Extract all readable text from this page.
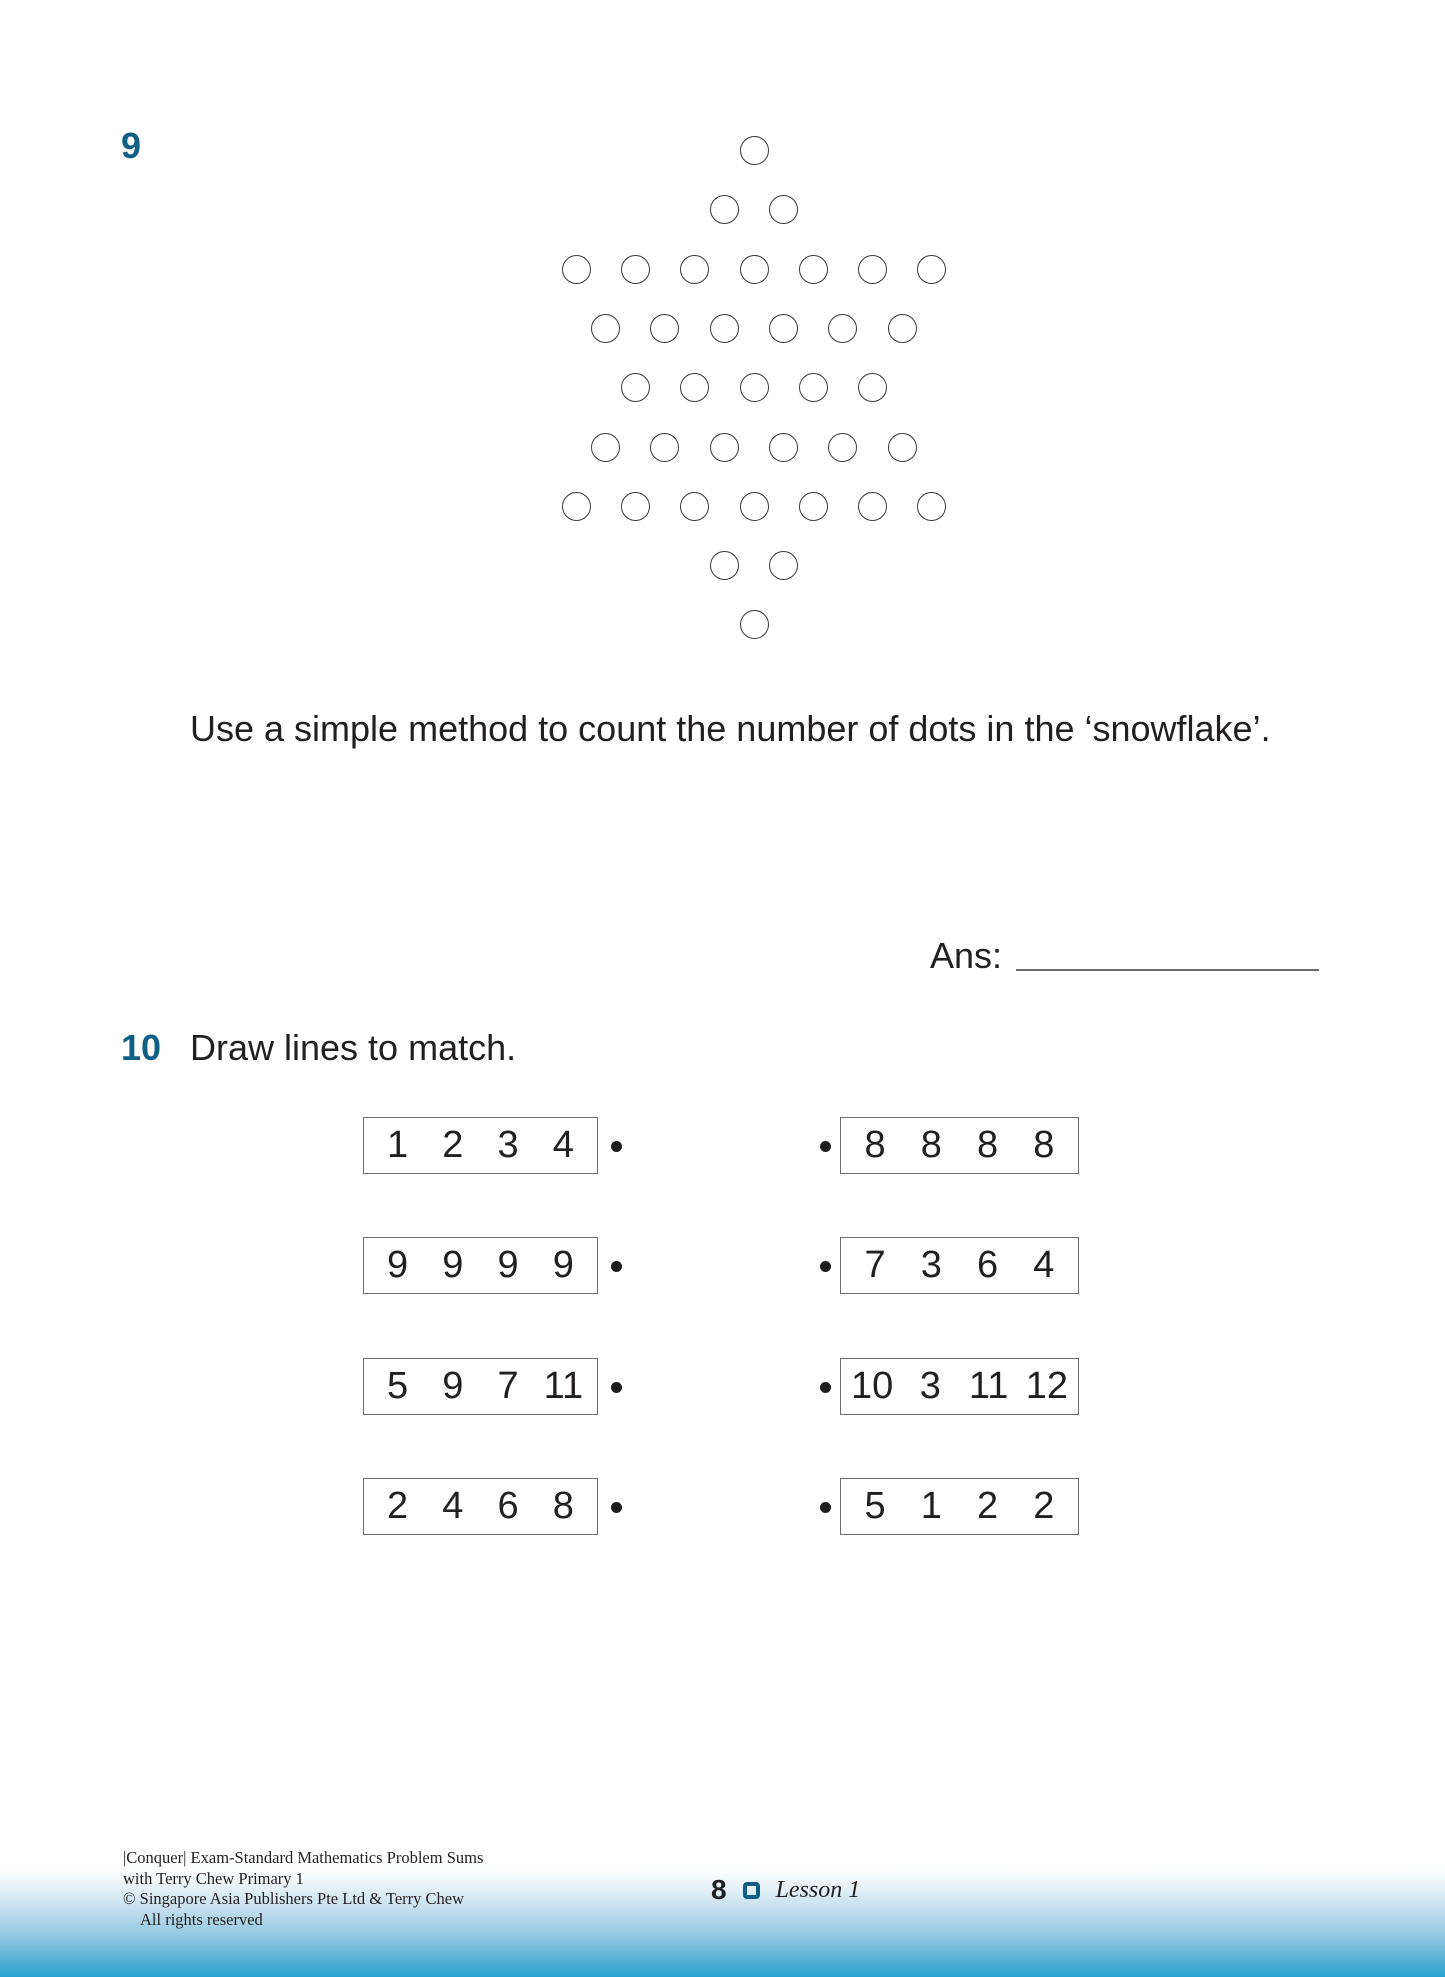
9
Use a simple method to count the number of dots in the ‘snowflake’.
Ans:
10 Draw lines to match.
1 2 3 4
9 9 9 9
5 9 7 11
2 4 6 8
8 8 8 8
7 3 6 4
10 3 11 12
5 1 2 2
|Conquer| Exam-Standard Mathematics Problem Sums
with Terry Chew Primary 1
© Singapore Asia Publishers Pte Ltd & Terry Chew
All rights reserved
8 Lesson 1
